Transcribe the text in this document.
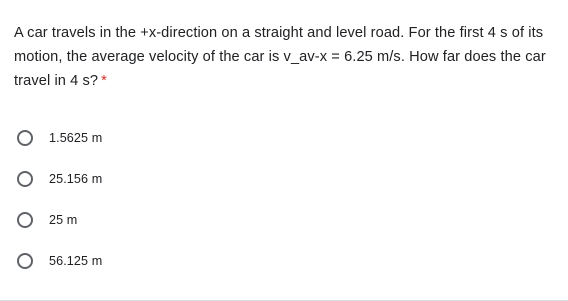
A car travels in the +x-direction on a straight and level road. For the first 4 s of its motion, the average velocity of the car is v_av-x = 6.25 m/s. How far does the car travel in 4 s? *

1.5625 m
25.156 m
25 m
56.125 m
